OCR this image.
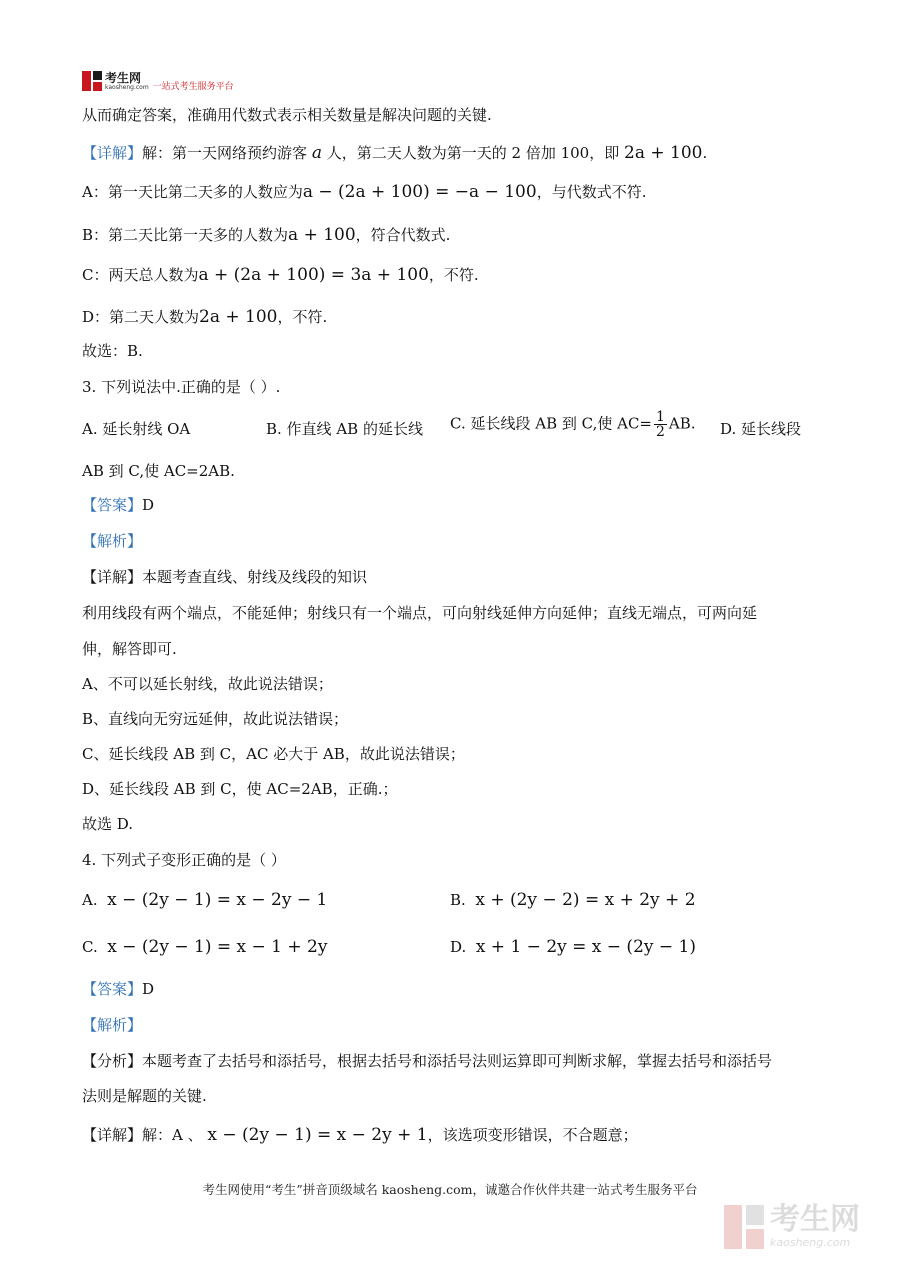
考生网
kaosheng.com 一站式考生服务平台
从而确定答案，准确用代数式表示相关数量是解决问题的关键.
【详解】解：第一天网络预约游客 a 人，第二天人数为第一天的 2 倍加 100，即 2a + 100.
A：第一天比第二天多的人数应为a − (2a + 100) = −a − 100，与代数式不符.
B：第二天比第一天多的人数为a + 100，符合代数式.
C：两天总人数为a + (2a + 100) = 3a + 100，不符.
D：第二天人数为2a + 100，不符.
故选：B.
3. 下列说法中.正确的是（ ）.
A. 延长射线 OA	B. 作直线 AB 的延长线 C. 延长线段 AB 到 C,使 $AC= \frac{1}{2}$ AB. D. 延长线段
AB 到 C,使 AC=2AB.
【答案】D
【解析】
【详解】本题考查直线、射线及线段的知识
利用线段有两个端点，不能延伸；射线只有一个端点，可向射线延伸方向延伸；直线无端点，可两向延
伸，解答即可.
A、不可以延长射线，故此说法错误；
B、直线向无穷远延伸，故此说法错误；
C、延长线段 AB 到 C，AC 必大于 AB，故此说法错误；
D、延长线段 AB 到 C，使 AC=2AB，正确.；
故选 D.
4. 下列式子变形正确的是（ ）
A. x − (2y − 1) = x − 2y − 1	B. x + (2y − 2) = x + 2y + 2
C. x − (2y − 1) = x − 1 + 2y	D. x + 1 − 2y = x − (2y − 1)
【答案】D
【解析】
【分析】本题考查了去括号和添括号，根据去括号和添括号法则运算即可判断求解，掌握去括号和添括号
法则是解题的关键.
【详解】解：A 、 x − (2y − 1) = x − 2y + 1，该选项变形错误，不合题意；
考生网使用“考生”拼音顶级域名 kaosheng.com，诚邀合作伙伴共建一站式考生服务平台
考生网
kaosheng.com
